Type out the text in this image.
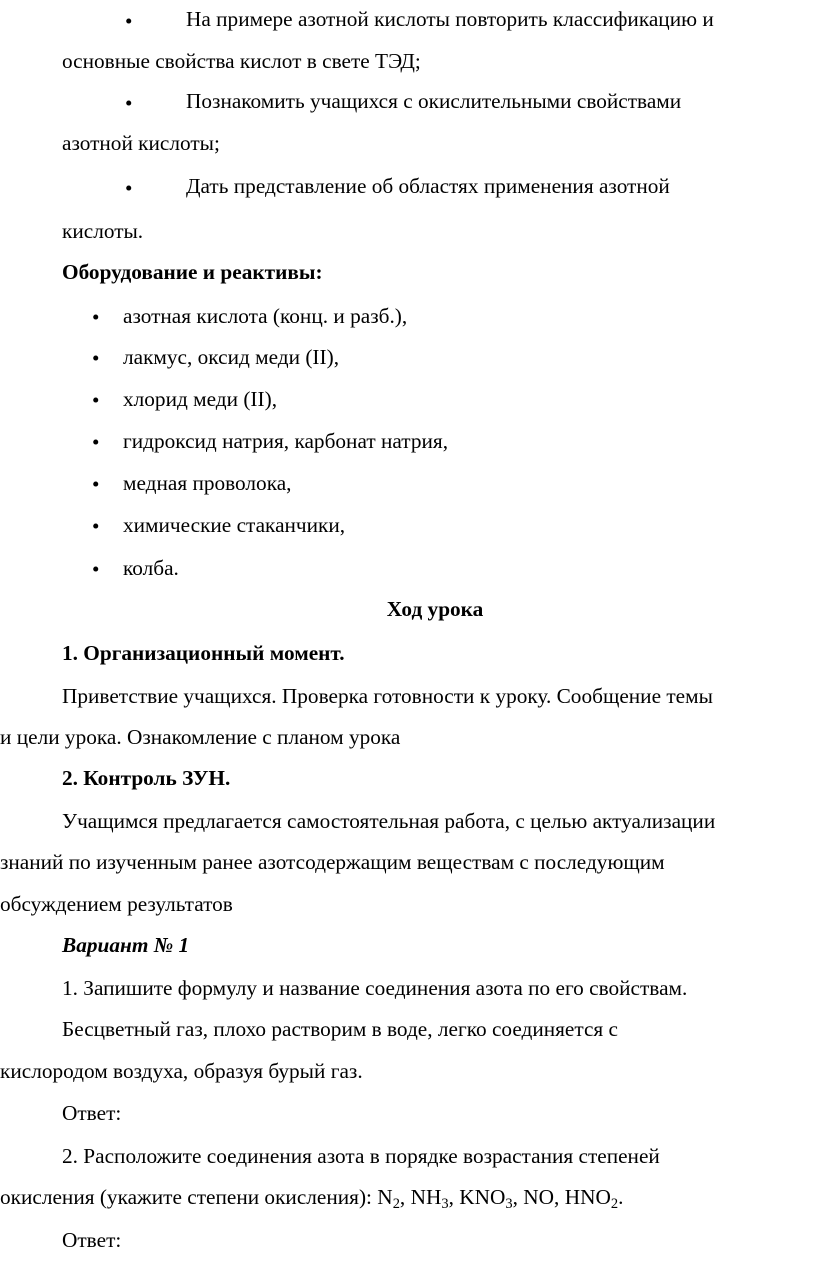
•	На примере азотной кислоты повторить классификацию и
основные свойства кислот в свете ТЭД;
•	Познакомить учащихся с окислительными свойствами
азотной кислоты;
•	Дать представление об областях применения азотной
кислоты.
Оборудование и реактивы:
• азотная кислота (конц. и разб.),
• лакмус, оксид меди (II),
• хлорид меди (II),
• гидроксид натрия, карбонат натрия,
• медная проволока,
• химические стаканчики,
• колба.
Ход урока
1. Организационный момент.
Приветствие учащихся. Проверка готовности к уроку. Сообщение темы
и цели урока. Ознакомление с планом урока
2. Контроль ЗУН.
Учащимся предлагается самостоятельная работа, с целью актуализации
знаний по изученным ранее азотсодержащим веществам с последующим
обсуждением результатов
Вариант № 1
1. Запишите формулу и название соединения азота по его свойствам.
Бесцветный газ, плохо растворим в воде, легко соединяется с
кислородом воздуха, образуя бурый газ.
Ответ:
2. Расположите соединения азота в порядке возрастания степеней
окисления (укажите степени окисления): $N_2$, $NH_3$, $KNO_3$, NO, $HNO_2$.
Ответ:
